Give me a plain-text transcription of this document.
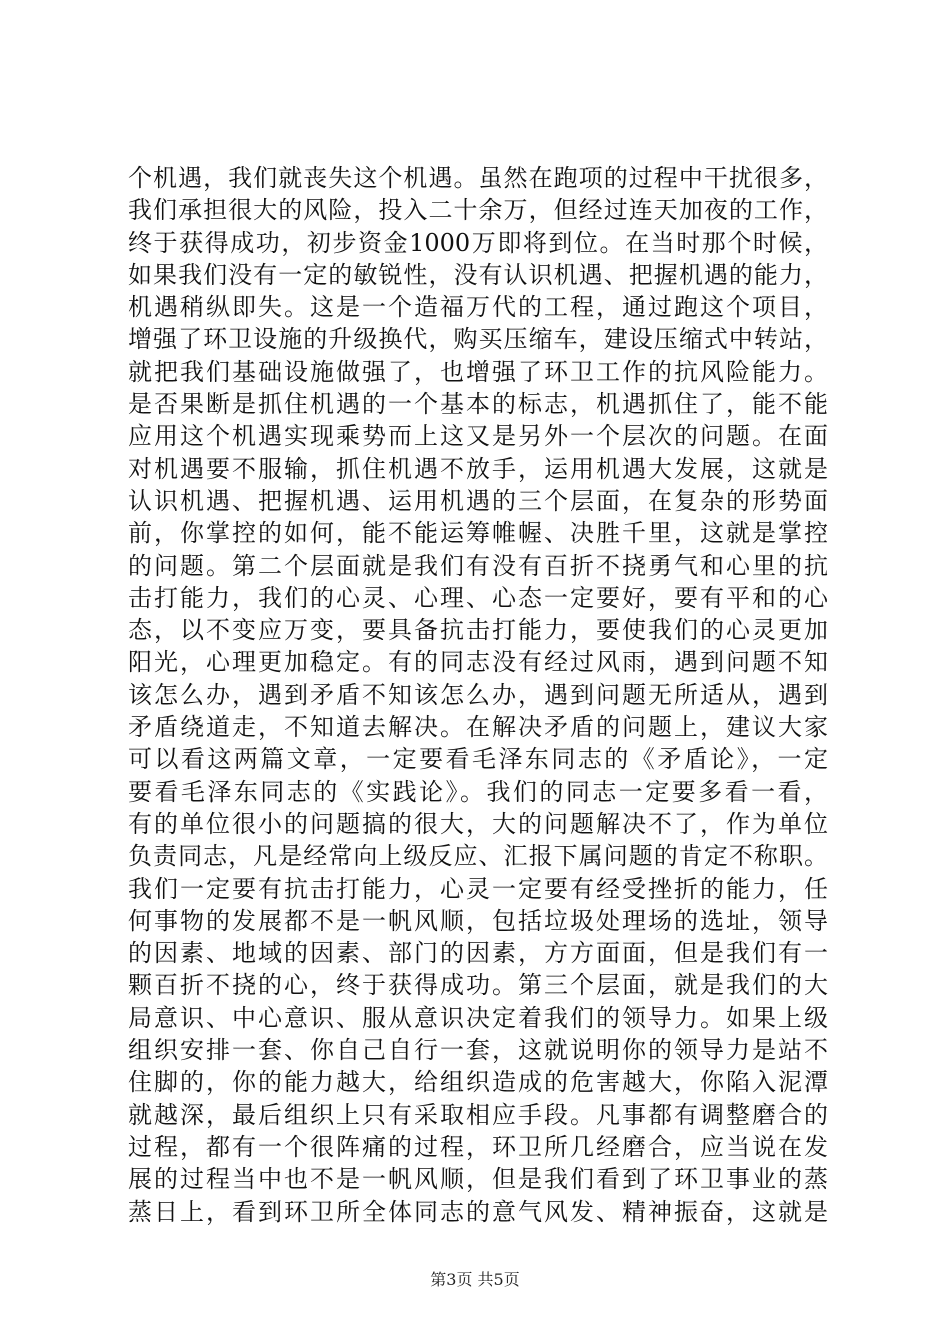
个机遇，我们就丧失这个机遇。虽然在跑项的过程中干扰很多，
我们承担很大的风险，投入二十余万，但经过连天加夜的工作，
终于获得成功，初步资金1000万即将到位。在当时那个时候，
如果我们没有一定的敏锐性，没有认识机遇、把握机遇的能力，
机遇稍纵即失。这是一个造福万代的工程，通过跑这个项目，
增强了环卫设施的升级换代，购买压缩车，建设压缩式中转站，
就把我们基础设施做强了，也增强了环卫工作的抗风险能力。
是否果断是抓住机遇的一个基本的标志，机遇抓住了，能不能
应用这个机遇实现乘势而上这又是另外一个层次的问题。在面
对机遇要不服输，抓住机遇不放手，运用机遇大发展，这就是
认识机遇、把握机遇、运用机遇的三个层面，在复杂的形势面
前，你掌控的如何，能不能运筹帷幄、决胜千里，这就是掌控
的问题。第二个层面就是我们有没有百折不挠勇气和心里的抗
击打能力，我们的心灵、心理、心态一定要好，要有平和的心
态，以不变应万变，要具备抗击打能力，要使我们的心灵更加
阳光，心理更加稳定。有的同志没有经过风雨，遇到问题不知
该怎么办，遇到矛盾不知该怎么办，遇到问题无所适从，遇到
矛盾绕道走，不知道去解决。在解决矛盾的问题上，建议大家
可以看这两篇文章，一定要看毛泽东同志的《矛盾论》，一定
要看毛泽东同志的《实践论》。我们的同志一定要多看一看，
有的单位很小的问题搞的很大，大的问题解决不了，作为单位
负责同志，凡是经常向上级反应、汇报下属问题的肯定不称职。
我们一定要有抗击打能力，心灵一定要有经受挫折的能力，任
何事物的发展都不是一帆风顺，包括垃圾处理场的选址，领导
的因素、地域的因素、部门的因素，方方面面，但是我们有一
颗百折不挠的心，终于获得成功。第三个层面，就是我们的大
局意识、中心意识、服从意识决定着我们的领导力。如果上级
组织安排一套、你自己自行一套，这就说明你的领导力是站不
住脚的，你的能力越大，给组织造成的危害越大，你陷入泥潭
就越深，最后组织上只有采取相应手段。凡事都有调整磨合的
过程，都有一个很阵痛的过程，环卫所几经磨合，应当说在发
展的过程当中也不是一帆风顺，但是我们看到了环卫事业的蒸
蒸日上，看到环卫所全体同志的意气风发、精神振奋，这就是
第3页 共5页
